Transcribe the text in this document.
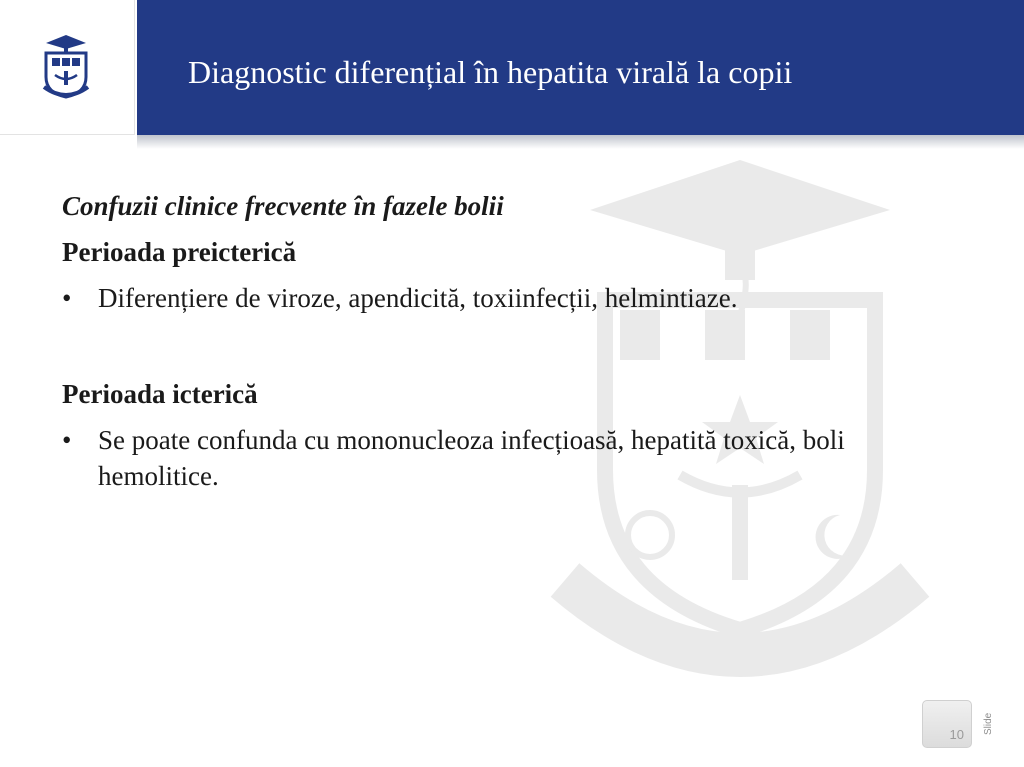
Diagnostic diferențial în hepatita virală la copii
Confuzii clinice frecvente în fazele bolii
Perioada preicterică
• Diferențiere de viroze, apendicită, toxiinfecții, helmintiaze.
Perioada icterică
• Se poate confunda cu mononucleoza infecțioasă, hepatită toxică, boli hemolitice.
10 Slide
